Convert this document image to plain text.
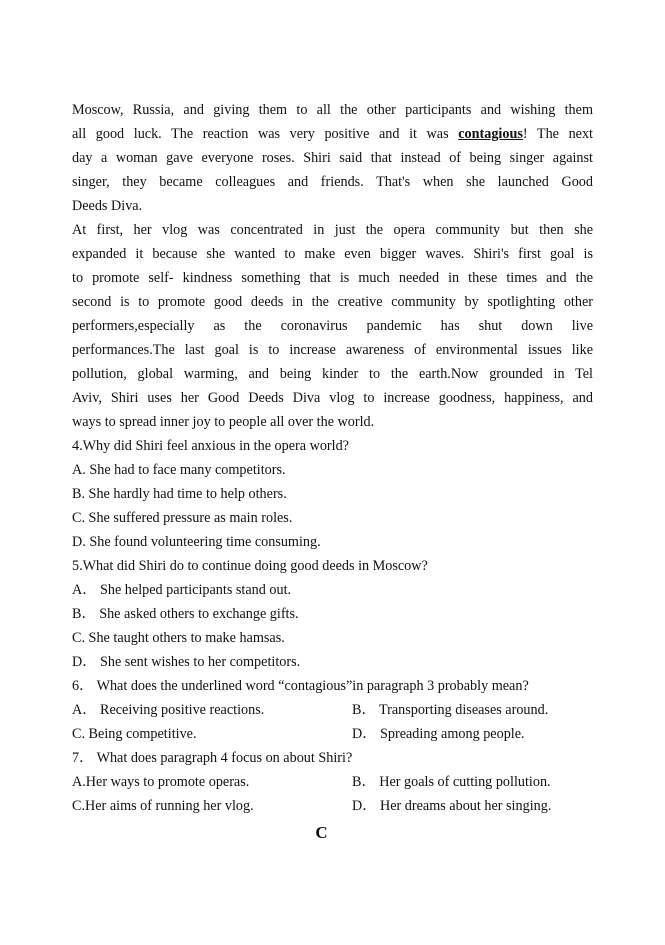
Moscow, Russia, and giving them to all the other participants and wishing them
all good luck. The reaction was very positive and it was contagious! The next
day a woman gave everyone roses. Shiri said that instead of being singer against
singer, they became colleagues and friends. That's when she launched Good
Deeds Diva.
At first, her vlog was concentrated in just the opera community but then she
expanded it because she wanted to make even bigger waves. Shiri's first goal is
to promote self- kindness something that is much needed in these times and the
second is to promote good deeds in the creative community by spotlighting other
performers,especially as the coronavirus pandemic has shut down live
performances.The last goal is to increase awareness of environmental issues like
pollution, global warming, and being kinder to the earth.Now grounded in Tel
Aviv, Shiri uses her Good Deeds Diva vlog to increase goodness, happiness, and
ways to spread inner joy to people all over the world.
4.Why did Shiri feel anxious in the opera world?
A. She had to face many competitors.
B. She hardly had time to help others.
C. She suffered pressure as main roles.
D. She found volunteering time consuming.
5.What did Shiri do to continue doing good deeds in Moscow?
A． She helped participants stand out.
B． She asked others to exchange gifts.
C. She taught others to make hamsas.
D． She sent wishes to her competitors.
6． What does the underlined word “contagious”in paragraph 3 probably mean?
A． Receiving positive reactions.	B． Transporting diseases around.
C. Being competitive.	D． Spreading among people.
7． What does paragraph 4 focus on about Shiri?
A.Her ways to promote operas.	B． Her goals of cutting pollution.
C.Her aims of running her vlog.	D． Her dreams about her singing.
C
